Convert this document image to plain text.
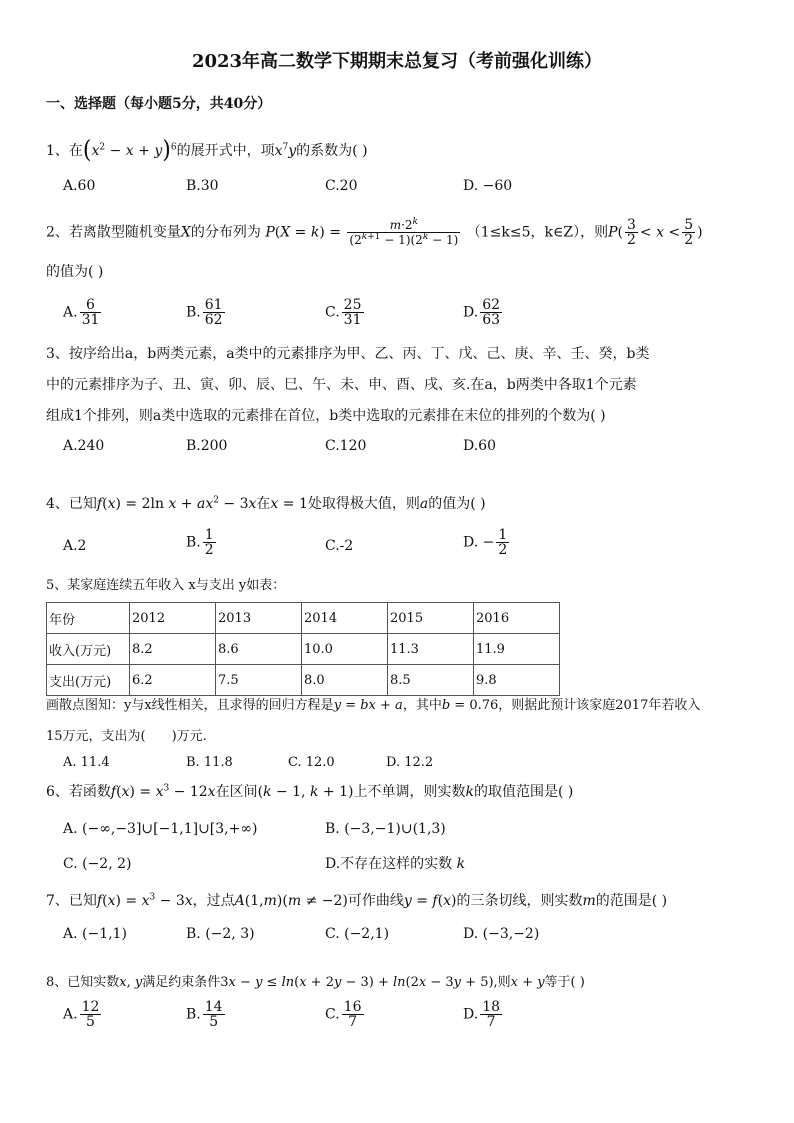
2023年高二数学下期期末总复习（考前强化训练）
一、选择题（每小题5分，共40分）
1、在$(x^2 - x + y)^6$的展开式中，项$x^7y$的系数为( )
A.60	B.30	C.20	D. −60
2、若离散型随机变量X的分布列为 $P(X = k) = \frac{m\cdot 2^k}{(2^{k+1} - 1)(2^k - 1)} (1\le k\le 5$，k∈Z），则$P( \frac{3}{2} < x < \frac{5}{2}$ )
的值为( )
A. $\frac{6}{31}$	B. $\frac{61}{62}$	C. $\frac{25}{31}$	D. $\frac{62}{63}$
3、按序给出a，b两类元素，a类中的元素排序为甲、乙、丙、丁、戊、己、庚、辛、壬、癸，b类
中的元素排序为子、丑、寅、卯、辰、巳、午、未、申、酉、戌、亥.在a，b两类中各取1个元素
组成1个排列，则a类中选取的元素排在首位，b类中选取的元素排在末位的排列的个数为( )
A.240	B.200	C.120	D.60
4、已知f(x) = 2ln $x + ax^2 - 3x$在x = 1处取得极大值，则a的值为( )
A.2	B. $\frac{1}{2}$	C.-2	D. − $\frac{1}{2}$
5、某家庭连续五年收入 x与支出 y如表：
年份	2012	2013	2014	2015	2016
收入(万元)	8.2	8.6	10.0	11.3	11.9
支出(万元)	6.2	7.5	8.0	8.5	9.8
画散点图知：y与x线性相关，且求得的回归方程是y = bx + a，其中b = 0.76，则据此预计该家庭2017年若收入
15万元，支出为(　　)万元.
A. 11.4	B. 11.8	C. 12.0	D. 12.2
6、若函数$f(x) = x^3 - 12x$在区间(k − 1, k + 1)上不单调，则实数k的取值范围是( )
A. (−∞,−3]∪[−1,1]∪[3,+∞)	B. (−3,−1)∪(1,3)
C. (−2, 2)	D.不存在这样的实数 k
7、已知$f(x) = x^3 - 3x$，过点A(1,m)(m ≠ −2)可作曲线y = f(x)的三条切线，则实数m的范围是( )
A. (−1,1)	B. (−2, 3)	C. (−2,1)	D. (−3,−2)
8、已知实数x, y满足约束条件3x − y ≤ ln(x + 2y − 3) + ln(2x − 3y + 5),则x + y等于( )
A. $\frac{12}{5}$	B. $\frac{14}{5}$	C. $\frac{16}{7}$	D. $\frac{18}{7}$
